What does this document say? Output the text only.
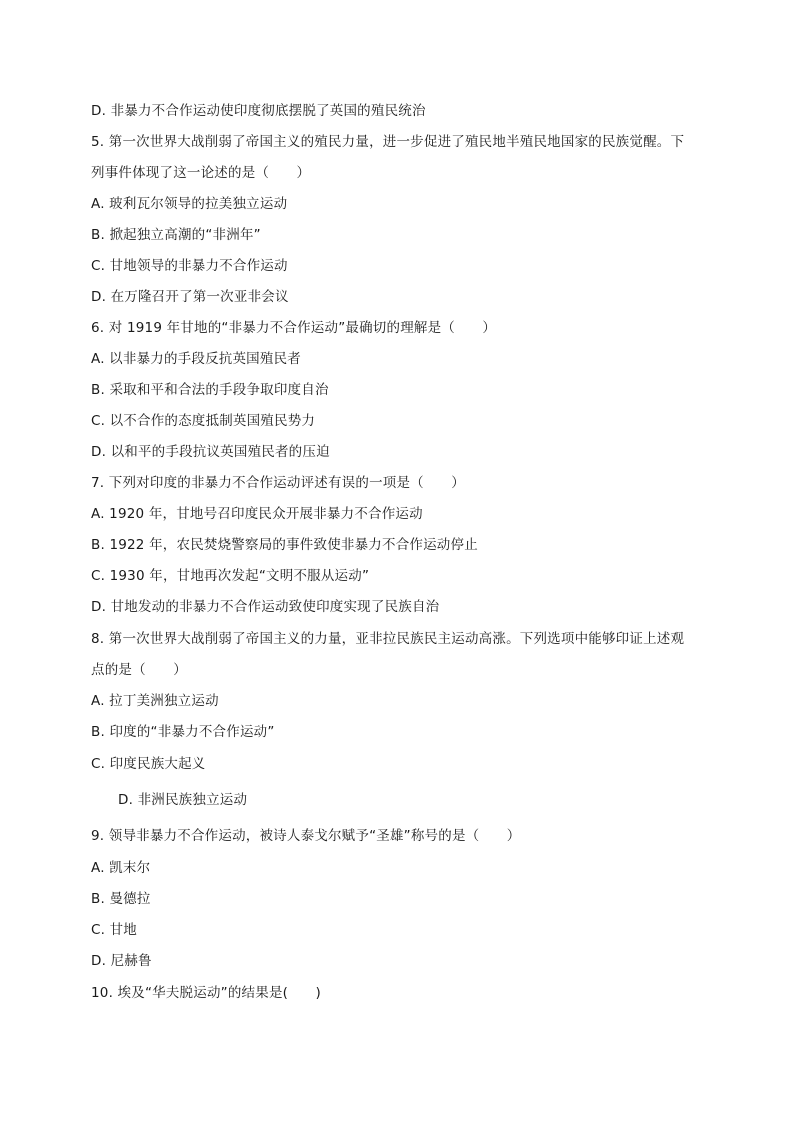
D. 非暴力不合作运动使印度彻底摆脱了英国的殖民统治
5. 第一次世界大战削弱了帝国主义的殖民力量，进一步促进了殖民地半殖民地国家的民族觉醒。下
列事件体现了这一论述的是（　　）
A. 玻利瓦尔领导的拉美独立运动
B. 掀起独立高潮的“非洲年”
C. 甘地领导的非暴力不合作运动
D. 在万隆召开了第一次亚非会议
6. 对 1919 年甘地的“非暴力不合作运动”最确切的理解是（　　）
A. 以非暴力的手段反抗英国殖民者
B. 采取和平和合法的手段争取印度自治
C. 以不合作的态度抵制英国殖民势力
D. 以和平的手段抗议英国殖民者的压迫
7. 下列对印度的非暴力不合作运动评述有误的一项是（　　）
A. 1920 年，甘地号召印度民众开展非暴力不合作运动
B. 1922 年，农民焚烧警察局的事件致使非暴力不合作运动停止
C. 1930 年，甘地再次发起“文明不服从运动”
D. 甘地发动的非暴力不合作运动致使印度实现了民族自治
8. 第一次世界大战削弱了帝国主义的力量，亚非拉民族民主运动高涨。下列选项中能够印证上述观
点的是（　　）
A. 拉丁美洲独立运动
B. 印度的“非暴力不合作运动”
C. 印度民族大起义
D. 非洲民族独立运动
9. 领导非暴力不合作运动，被诗人泰戈尔赋予“圣雄”称号的是（　　）
A. 凯末尔
B. 曼德拉
C. 甘地
D. 尼赫鲁
10. 埃及“华夫脱运动”的结果是(　　)
